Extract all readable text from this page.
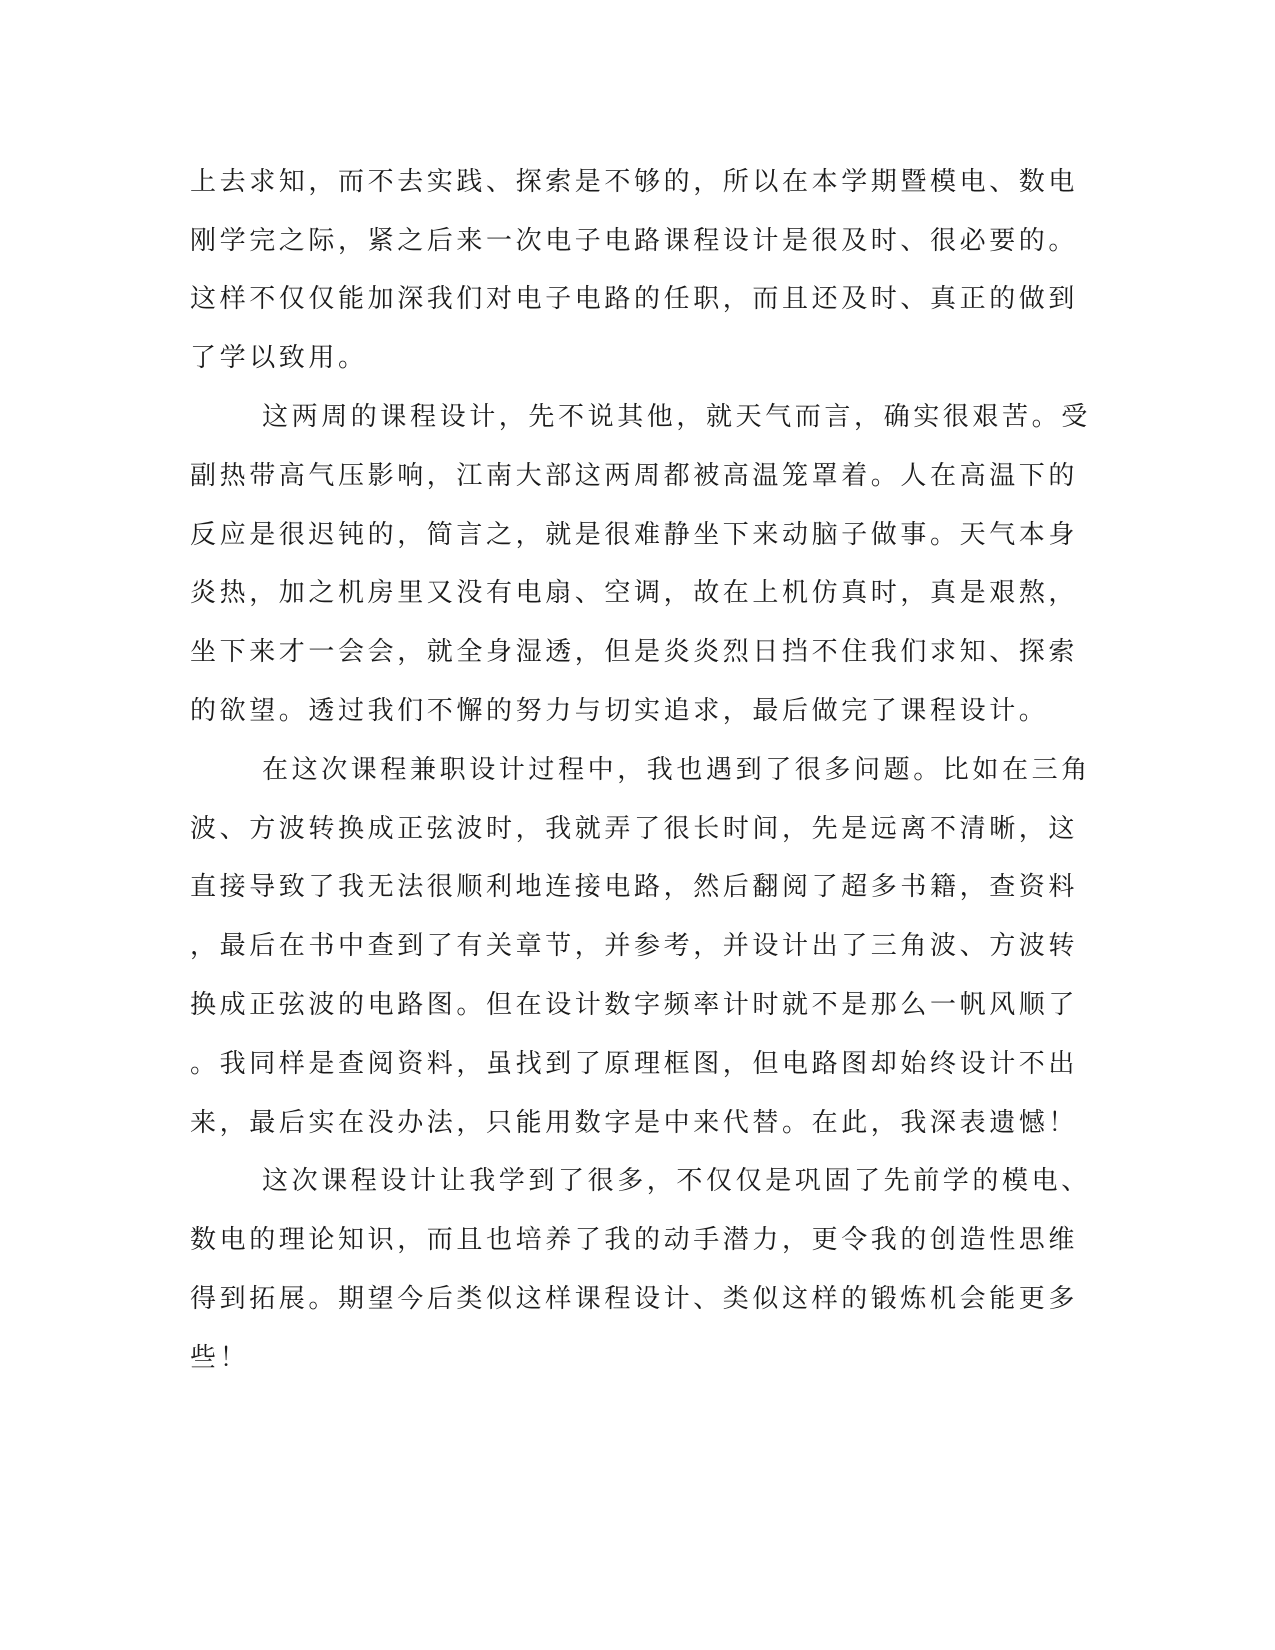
上去求知，而不去实践、探索是不够的，所以在本学期暨模电、数电

刚学完之际，紧之后来一次电子电路课程设计是很及时、很必要的。

这样不仅仅能加深我们对电子电路的任职，而且还及时、真正的做到

了学以致用。

这两周的课程设计，先不说其他，就天气而言，确实很艰苦。受

副热带高气压影响，江南大部这两周都被高温笼罩着。人在高温下的

反应是很迟钝的，简言之，就是很难静坐下来动脑子做事。天气本身

炎热，加之机房里又没有电扇、空调，故在上机仿真时，真是艰熬，

坐下来才一会会，就全身湿透，但是炎炎烈日挡不住我们求知、探索

的欲望。透过我们不懈的努力与切实追求，最后做完了课程设计。

在这次课程兼职设计过程中，我也遇到了很多问题。比如在三角

波、方波转换成正弦波时，我就弄了很长时间，先是远离不清晰，这

直接导致了我无法很顺利地连接电路，然后翻阅了超多书籍，查资料

，最后在书中查到了有关章节，并参考，并设计出了三角波、方波转

换成正弦波的电路图。但在设计数字频率计时就不是那么一帆风顺了

。我同样是查阅资料，虽找到了原理框图，但电路图却始终设计不出

来，最后实在没办法，只能用数字是中来代替。在此，我深表遗憾！

这次课程设计让我学到了很多，不仅仅是巩固了先前学的模电、

数电的理论知识，而且也培养了我的动手潜力，更令我的创造性思维

得到拓展。期望今后类似这样课程设计、类似这样的锻炼机会能更多

些！
